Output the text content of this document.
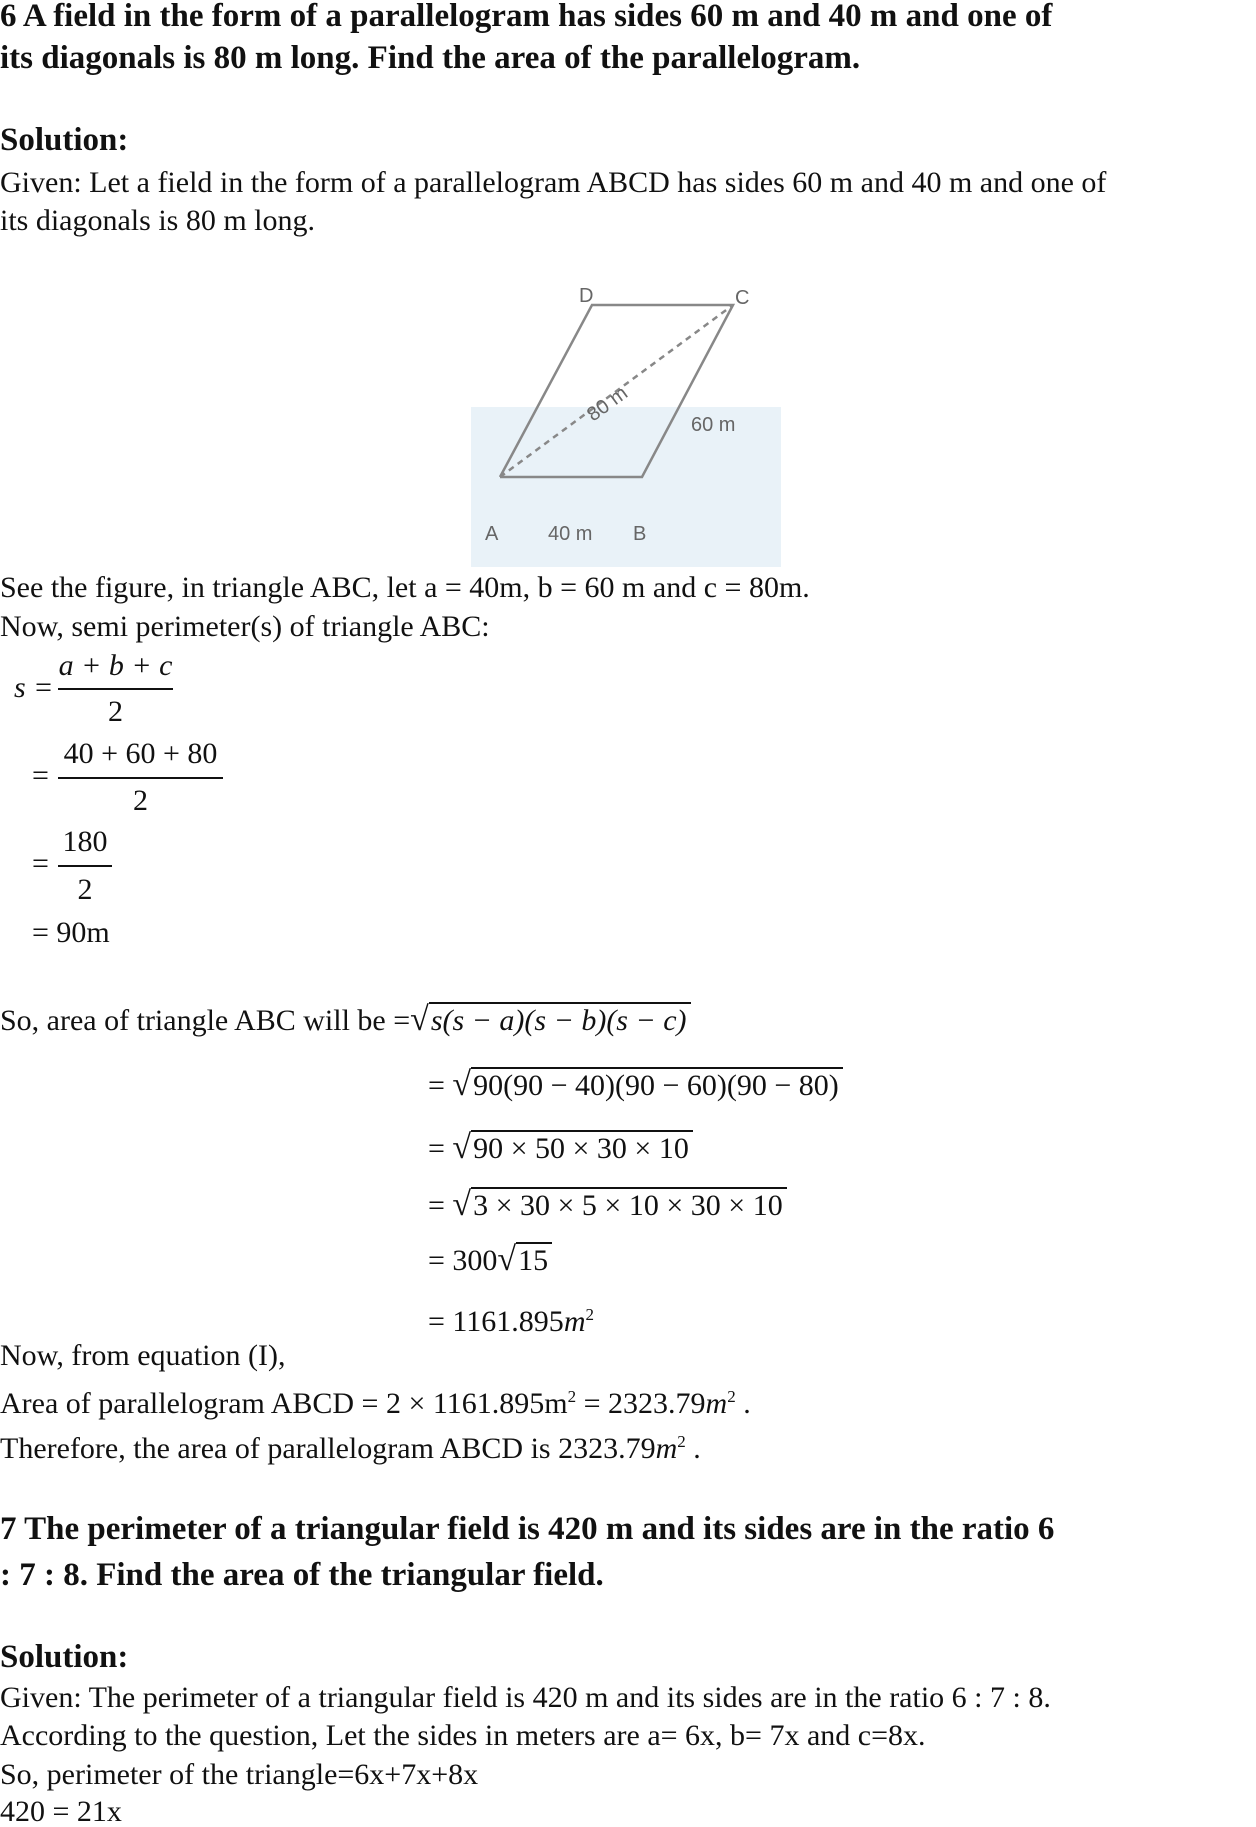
6 A field in the form of a parallelogram has sides 60 m and 40 m and one of
its diagonals is 80 m long. Find the area of the parallelogram.
Solution:
Given: Let a field in the form of a parallelogram ABCD has sides 60 m and 40 m and one of
its diagonals is 80 m long.
D	C
A	B
40 m
60 m
80 m
See the figure, in triangle ABC, let a = 40m, b = 60 m and c = 80m.
Now, semi perimeter(s) of triangle ABC:
s =
a + b + c
2
=
40 + 60 + 80
2
=
180
2
= 90m
So, area of triangle ABC will be =√s(s − a)(s − b)(s − c)
= √90(90 − 40)(90 − 60)(90 − 80)
= √90 × 50 × 30 × 10
= √3 × 30 × 5 × 10 × 30 × 10
= 300√15
= $1161.895m^2$
Now, from equation (I),
Area of parallelogram ABCD = $2 \times 1161.895m^2 = 2323.79m^2$ .
Therefore, the area of parallelogram ABCD is $2323.79m^2$ .
7 The perimeter of a triangular field is 420 m and its sides are in the ratio 6
: 7 : 8. Find the area of the triangular field.
Solution:
Given: The perimeter of a triangular field is 420 m and its sides are in the ratio 6 : 7 : 8.
According to the question, Let the sides in meters are a= 6x, b= 7x and c=8x.
So, perimeter of the triangle=6x+7x+8x
420 = 21x
